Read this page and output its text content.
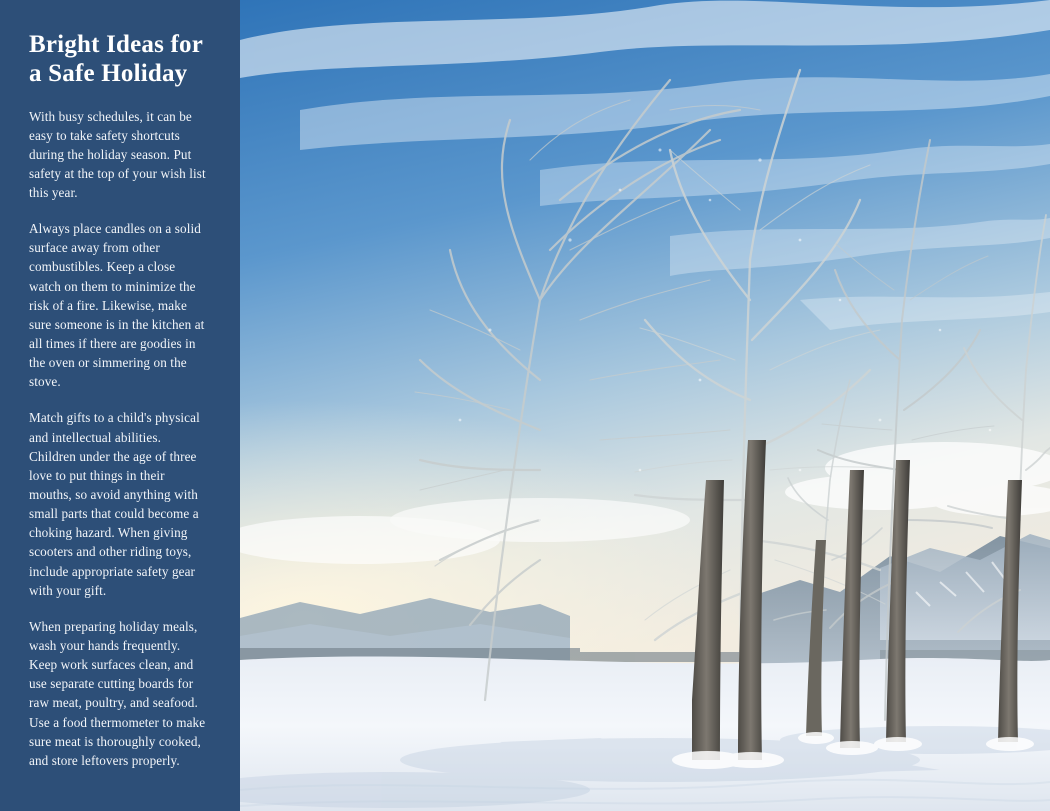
Bright Ideas for a Safe Holiday

With busy schedules, it can be easy to take safety shortcuts during the holiday season. Put safety at the top of your wish list this year.

Always place candles on a solid surface away from other combustibles. Keep a close watch on them to minimize the risk of a fire. Likewise, make sure someone is in the kitchen at all times if there are goodies in the oven or simmering on the stove.

Match gifts to a child's physical and intellectual abilities. Children under the age of three love to put things in their mouths, so avoid anything with small parts that could become a choking hazard. When giving scooters and other riding toys, include appropriate safety gear with your gift.

When preparing holiday meals, wash your hands frequently. Keep work surfaces clean, and use separate cutting boards for raw meat, poultry, and seafood. Use a food thermometer to make sure meat is thoroughly cooked, and store leftovers properly.
